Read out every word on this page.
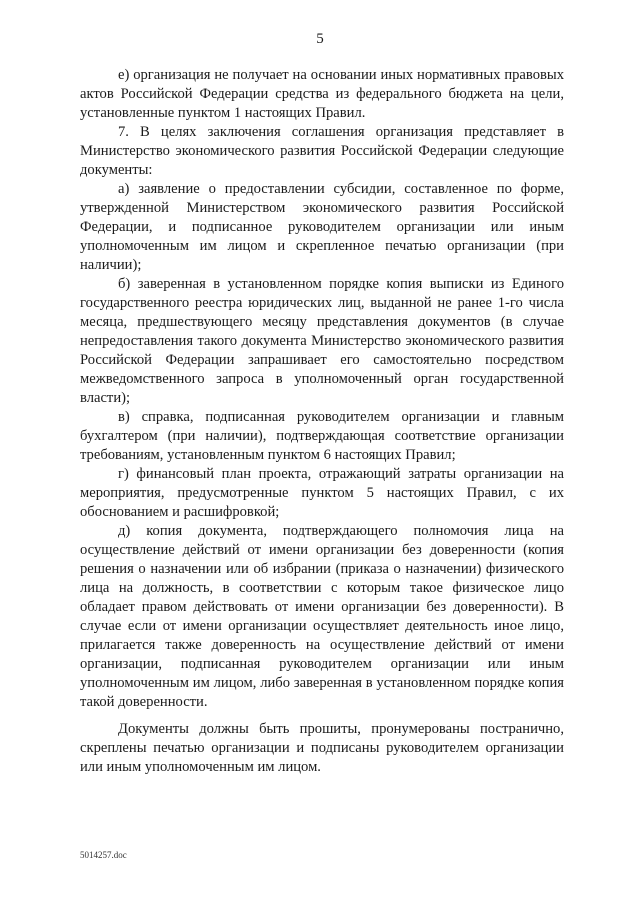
5

е) организация не получает на основании иных нормативных правовых актов Российской Федерации средства из федерального бюджета на цели, установленные пунктом 1 настоящих Правил.

7. В целях заключения соглашения организация представляет в Министерство экономического развития Российской Федерации следующие документы:

а) заявление о предоставлении субсидии, составленное по форме, утвержденной Министерством экономического развития Российской Федерации, и подписанное руководителем организации или иным уполномоченным им лицом и скрепленное печатью организации (при наличии);

б) заверенная в установленном порядке копия выписки из Единого государственного реестра юридических лиц, выданной не ранее 1-го числа месяца, предшествующего месяцу представления документов (в случае непредоставления такого документа Министерство экономического развития Российской Федерации запрашивает его самостоятельно посредством межведомственного запроса в уполномоченный орган государственной власти);

в) справка, подписанная руководителем организации и главным бухгалтером (при наличии), подтверждающая соответствие организации требованиям, установленным пунктом 6 настоящих Правил;

г) финансовый план проекта, отражающий затраты организации на мероприятия, предусмотренные пунктом 5 настоящих Правил, с их обоснованием и расшифровкой;

д) копия документа, подтверждающего полномочия лица на осуществление действий от имени организации без доверенности (копия решения о назначении или об избрании (приказа о назначении) физического лица на должность, в соответствии с которым такое физическое лицо обладает правом действовать от имени организации без доверенности). В случае если от имени организации осуществляет деятельность иное лицо, прилагается также доверенность на осуществление действий от имени организации, подписанная руководителем организации или иным уполномоченным им лицом, либо заверенная в установленном порядке копия такой доверенности.

Документы должны быть прошиты, пронумерованы постранично, скреплены печатью организации и подписаны руководителем организации или иным уполномоченным им лицом.

5014257.doc
